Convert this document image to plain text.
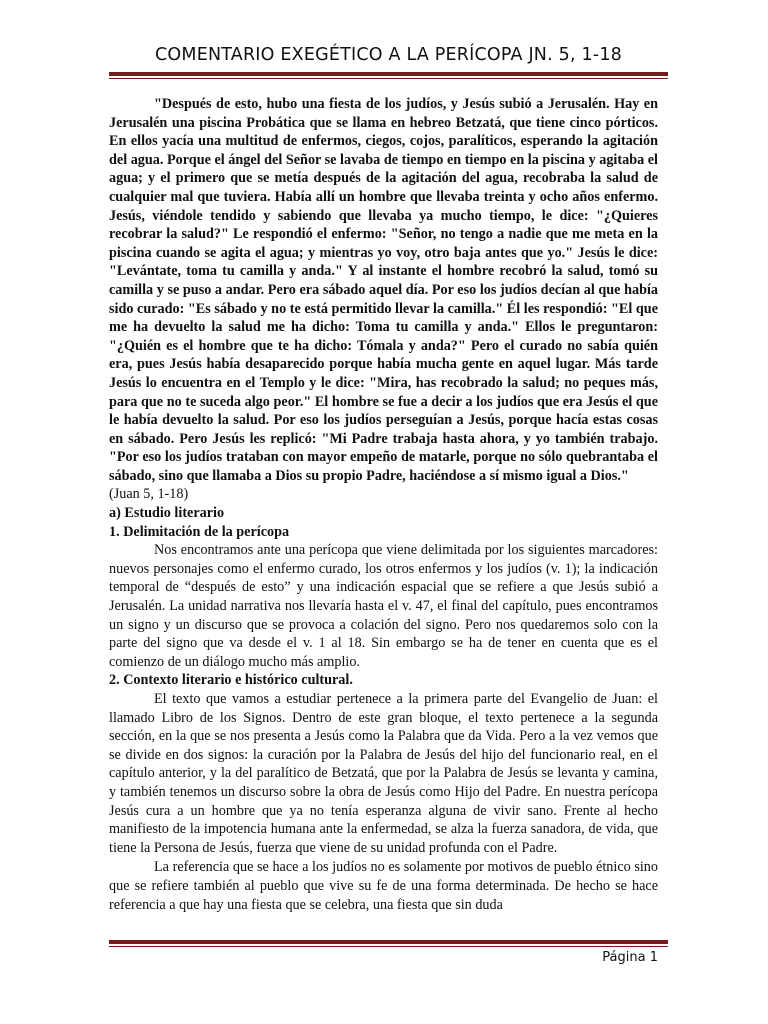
COMENTARIO EXEGÉTICO A LA PERÍCOPA JN. 5, 1-18

"Después de esto, hubo una fiesta de los judíos, y Jesús subió a Jerusalén. Hay en Jerusalén una piscina Probática que se llama en hebreo Betzatá, que tiene cinco pórticos. En ellos yacía una multitud de enfermos, ciegos, cojos, paralíticos, esperando la agitación del agua. Porque el ángel del Señor se lavaba de tiempo en tiempo en la piscina y agitaba el agua; y el primero que se metía después de la agitación del agua, recobraba la salud de cualquier mal que tuviera. Había allí un hombre que llevaba treinta y ocho años enfermo. Jesús, viéndole tendido y sabiendo que llevaba ya mucho tiempo, le dice: "¿Quieres recobrar la salud?" Le respondió el enfermo: "Señor, no tengo a nadie que me meta en la piscina cuando se agita el agua; y mientras yo voy, otro baja antes que yo." Jesús le dice: "Levántate, toma tu camilla y anda." Y al instante el hombre recobró la salud, tomó su camilla y se puso a andar. Pero era sábado aquel día. Por eso los judíos decían al que había sido curado: "Es sábado y no te está permitido llevar la camilla." Él les respondió: "El que me ha devuelto la salud me ha dicho: Toma tu camilla y anda." Ellos le preguntaron: "¿Quién es el hombre que te ha dicho: Tómala y anda?" Pero el curado no sabía quién era, pues Jesús había desaparecido porque había mucha gente en aquel lugar. Más tarde Jesús lo encuentra en el Templo y le dice: "Mira, has recobrado la salud; no peques más, para que no te suceda algo peor." El hombre se fue a decir a los judíos que era Jesús el que le había devuelto la salud. Por eso los judíos perseguían a Jesús, porque hacía estas cosas en sábado. Pero Jesús les replicó: "Mi Padre trabaja hasta ahora, y yo también trabajo. "Por eso los judíos trataban con mayor empeño de matarle, porque no sólo quebrantaba el sábado, sino que llamaba a Dios su propio Padre, haciéndose a sí mismo igual a Dios."

(Juan 5, 1-18)

a) Estudio literario

1. Delimitación de la perícopa

Nos encontramos ante una perícopa que viene delimitada por los siguientes marcadores: nuevos personajes como el enfermo curado, los otros enfermos y los judíos (v. 1); la indicación temporal de “después de esto” y una indicación espacial que se refiere a que Jesús subió a Jerusalén. La unidad narrativa nos llevaría hasta el v. 47, el final del capítulo, pues encontramos un signo y un discurso que se provoca a colación del signo. Pero nos quedaremos solo con la parte del signo que va desde el v. 1 al 18. Sin embargo se ha de tener en cuenta que es el comienzo de un diálogo mucho más amplio.

2. Contexto literario e histórico cultural.

El texto que vamos a estudiar pertenece a la primera parte del Evangelio de Juan: el llamado Libro de los Signos. Dentro de este gran bloque, el texto pertenece a la segunda sección, en la que se nos presenta a Jesús como la Palabra que da Vida. Pero a la vez vemos que se divide en dos signos: la curación por la Palabra de Jesús del hijo del funcionario real, en el capítulo anterior, y la del paralítico de Betzatá, que por la Palabra de Jesús se levanta y camina, y también tenemos un discurso sobre la obra de Jesús como Hijo del Padre. En nuestra perícopa Jesús cura a un hombre que ya no tenía esperanza alguna de vivir sano. Frente al hecho manifiesto de la impotencia humana ante la enfermedad, se alza la fuerza sanadora, de vida, que tiene la Persona de Jesús, fuerza que viene de su unidad profunda con el Padre.

La referencia que se hace a los judíos no es solamente por motivos de pueblo étnico sino que se refiere también al pueblo que vive su fe de una forma determinada. De hecho se hace referencia a que hay una fiesta que se celebra, una fiesta que sin duda

Página 1
